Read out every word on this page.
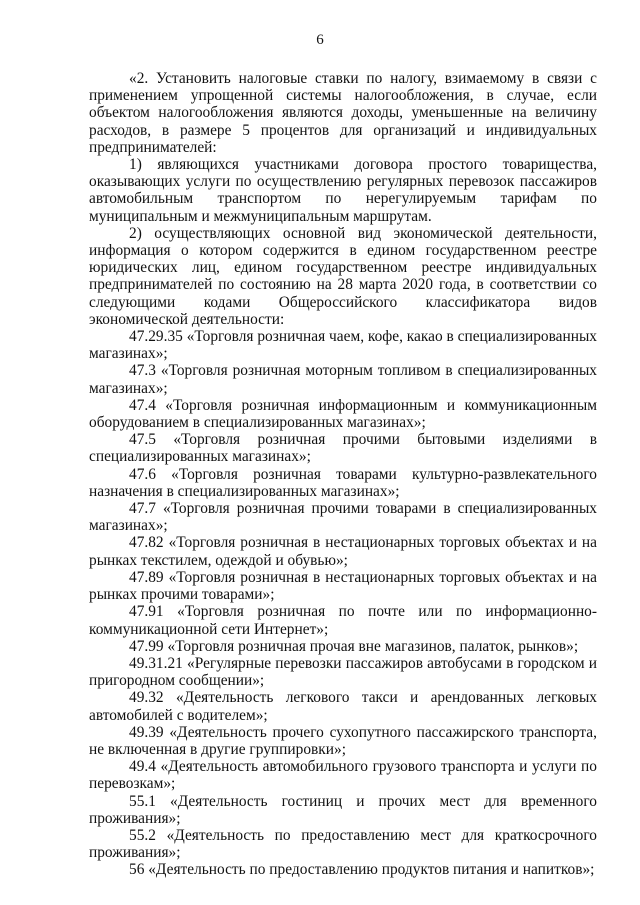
6

«2. Установить налоговые ставки по налогу, взимаемому в связи с применением упрощенной системы налогообложения, в случае, если объектом налогообложения являются доходы, уменьшенные на величину расходов, в размере 5 процентов для организаций и индивидуальных предпринимателей:

1) являющихся участниками договора простого товарищества, оказывающих услуги по осуществлению регулярных перевозок пассажиров автомобильным транспортом по нерегулируемым тарифам по муниципальным и межмуниципальным маршрутам.

2) осуществляющих основной вид экономической деятельности, информация о котором содержится в едином государственном реестре юридических лиц, едином государственном реестре индивидуальных предпринимателей по состоянию на 28 марта 2020 года, в соответствии со следующими кодами Общероссийского классификатора видов экономической деятельности:

47.29.35 «Торговля розничная чаем, кофе, какао в специализированных магазинах»;

47.3 «Торговля розничная моторным топливом в специализированных магазинах»;

47.4 «Торговля розничная информационным и коммуникационным оборудованием в специализированных магазинах»;

47.5 «Торговля розничная прочими бытовыми изделиями в специализированных магазинах»;

47.6 «Торговля розничная товарами культурно-развлекательного назначения в специализированных магазинах»;

47.7 «Торговля розничная прочими товарами в специализированных магазинах»;

47.82 «Торговля розничная в нестационарных торговых объектах и на рынках текстилем, одеждой и обувью»;

47.89 «Торговля розничная в нестационарных торговых объектах и на рынках прочими товарами»;

47.91 «Торговля розничная по почте или по информационно-коммуникационной сети Интернет»;

47.99 «Торговля розничная прочая вне магазинов, палаток, рынков»;

49.31.21 «Регулярные перевозки пассажиров автобусами в городском и пригородном сообщении»;

49.32 «Деятельность легкового такси и арендованных легковых автомобилей с водителем»;

49.39 «Деятельность прочего сухопутного пассажирского транспорта, не включенная в другие группировки»;

49.4 «Деятельность автомобильного грузового транспорта и услуги по перевозкам»;

55.1 «Деятельность гостиниц и прочих мест для временного проживания»;

55.2 «Деятельность по предоставлению мест для краткосрочного проживания»;

56 «Деятельность по предоставлению продуктов питания и напитков»;
